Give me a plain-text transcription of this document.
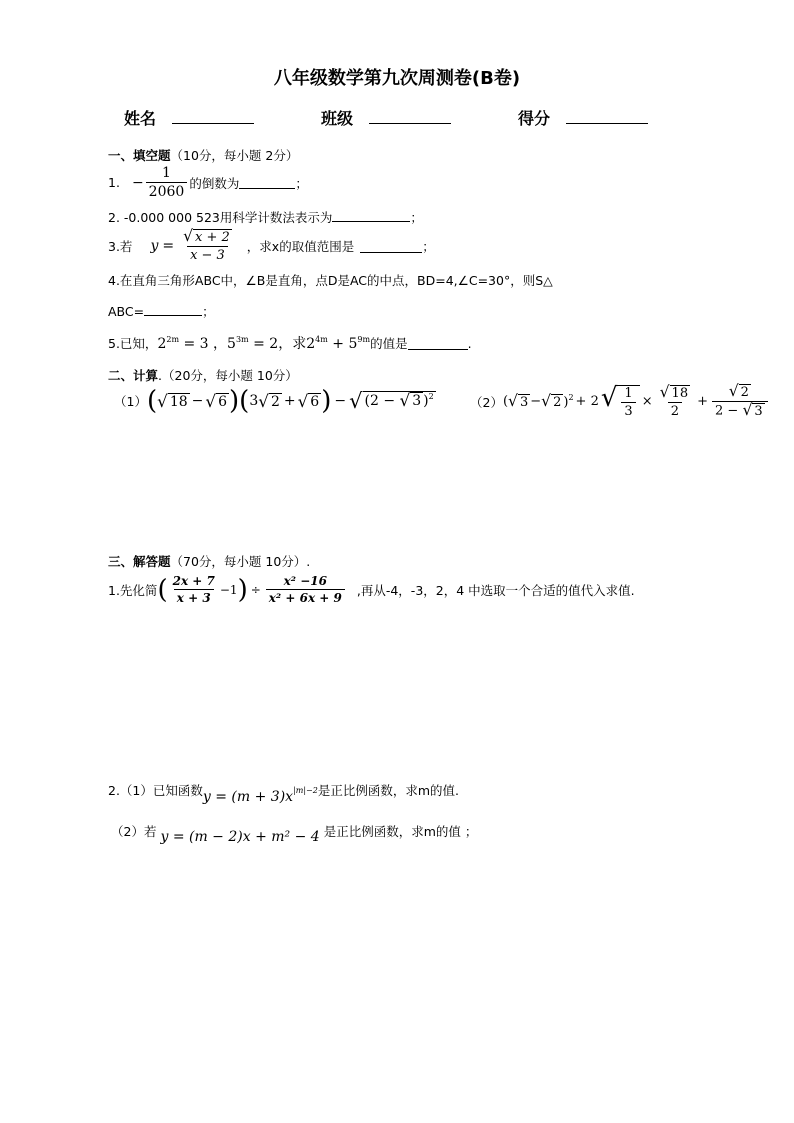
八年级数学第九次周测卷(B卷)
姓名	班级	得分
一、填空题（10分，每小题 2分）
1. − $\frac{1}{2060}$ 的倒数为	；
2. -0.000 000 523用科学计数法表示为	；
3.若 $y = \frac{√ x + 2}{x - 3}$ ，求x的取值范围是	；
4.在直角三角形ABC中，∠B是直角，点D是AC的中点，BD=4,∠C=30°，则S△
ABC=	；
5.已知， $2^{2m} = 3$ ， $5^{3m} = 2$，求 $2^{4m} + 5^{9m}$ 的值是	.
二、计算.（20分，每小题 10分）
（1） ( √ 18 − √ 6 ) ( 3 √ 2 + √ 6 ) − √ (2 − √ 3 )$^2$	（2） ( √ 3 − √ 2 )$^2$ + 2 √ $\frac{1}{3} \times \frac{√ 18}{2} + \frac{√ 2}{2 - √ 3}$
三、解答题（70分，每小题 10分）.
1.先化简 ( $\frac{2x + 7}{x + 3} -1$ ) ÷ $\frac{\text{x² −16}}{\text{x² + 6x + 9}}$ ,再从-4，-3，2，4 中选取一个合适的值代入求值.
2.（1）已知函数 $y = (m + 3)x^{|m|-2}$ 是正比例函数，求m的值.
（2）若 y = (m − 2)x + m² − 4 是正比例函数，求m的值 ；
